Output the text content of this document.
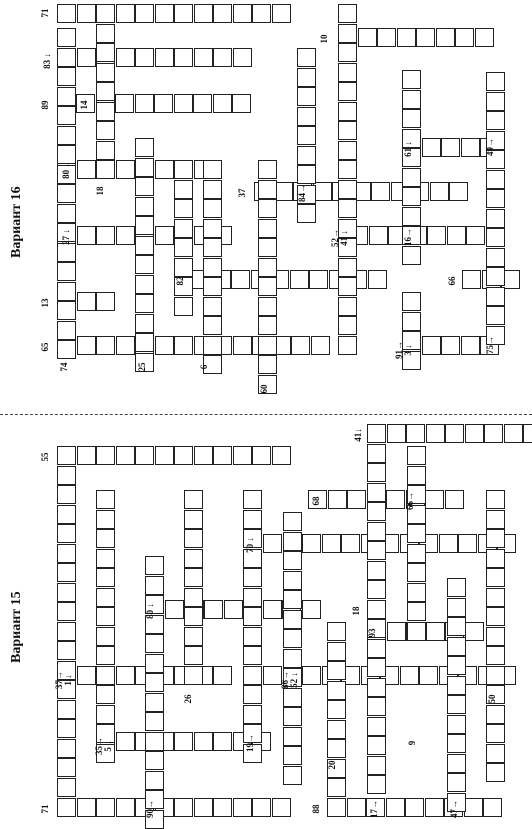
71
10
83 ↓
89	14
80 ↓
18
61 ↓	49→
37	84→
27 ↓	52→
41 ↓	16→
82	66
13
65
74	25	6
91→
3 ↓	75→
60
55
41↓
68	66→
70 ↓
80 ↓	18
93
37→
1 ↓	86→
52 ↓
26	50
35→
5 ↓	19→	9
20
71	90→	88	17→	47→
Вариант 16
Вариант 15
